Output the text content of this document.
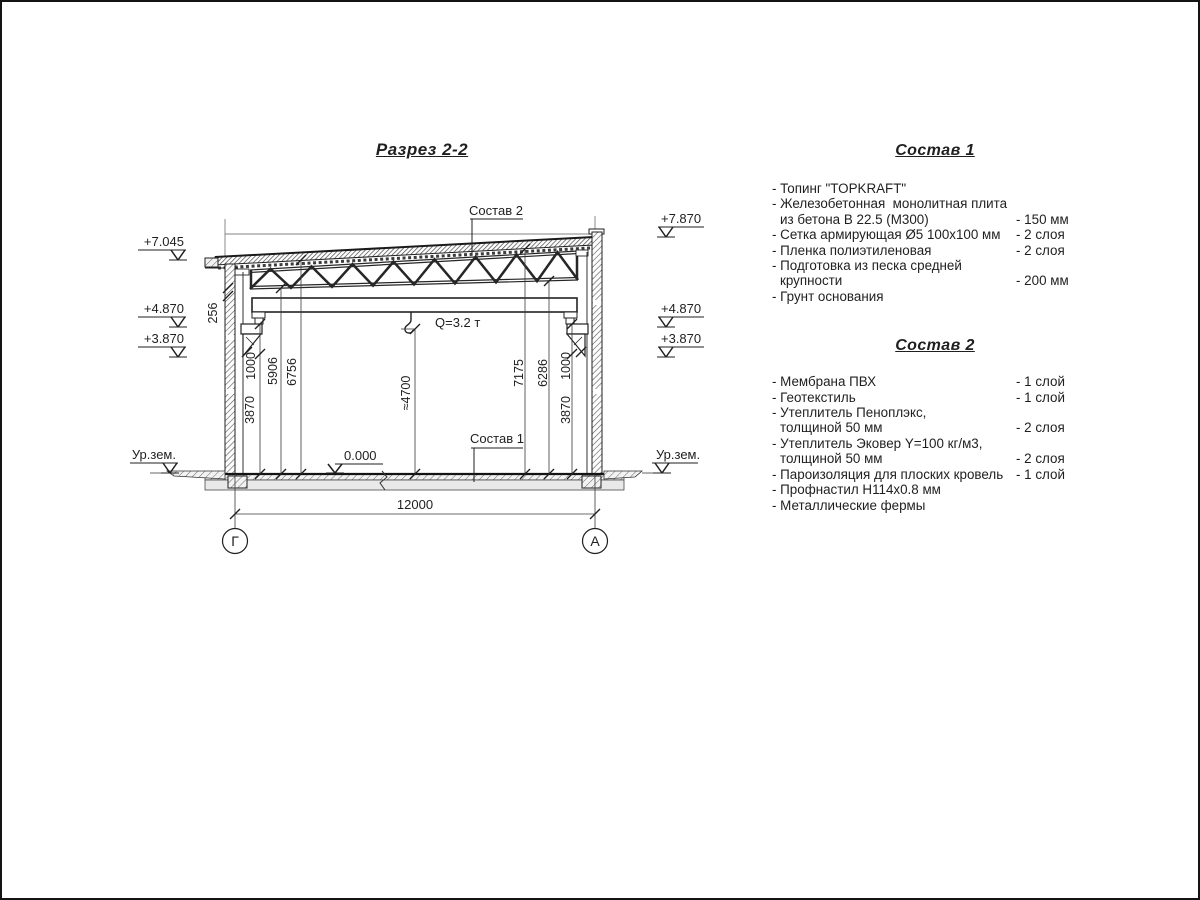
Разрез 2-2
256
1000
3870
5906 6756
≈4700
7175 6286 1000
3870
+7.045
+4.870
+3.870
Ур.зем.
+7.870
+4.870
+3.870
Ур.зем.
0.000
Состав 2
Состав 1
Q=3.2 т
12000
Г	А
Состав 1
- Топинг "TOPKRAFT"
- Железобетонная  монолитная плита
из бетона В 22.5 (М300)	- 150 мм
- Сетка армирующая Ø5 100x100 мм	- 2 слоя
- Пленка полиэтиленовая	- 2 слоя
- Подготовка из песка средней
крупности	- 200 мм
- Грунт основания
Состав 2
- Мембрана ПВХ	- 1 слой
- Геотекстиль	- 1 слой
- Утеплитель Пеноплэкс,
толщиной 50 мм	- 2 слоя
- Утеплитель Эковер Y=100 кг/м3,
толщиной 50 мм	- 2 слоя
- Пароизоляция для плоских кровель - 1 слой
- Профнастил Н114х0.8 мм
- Металлические фермы
